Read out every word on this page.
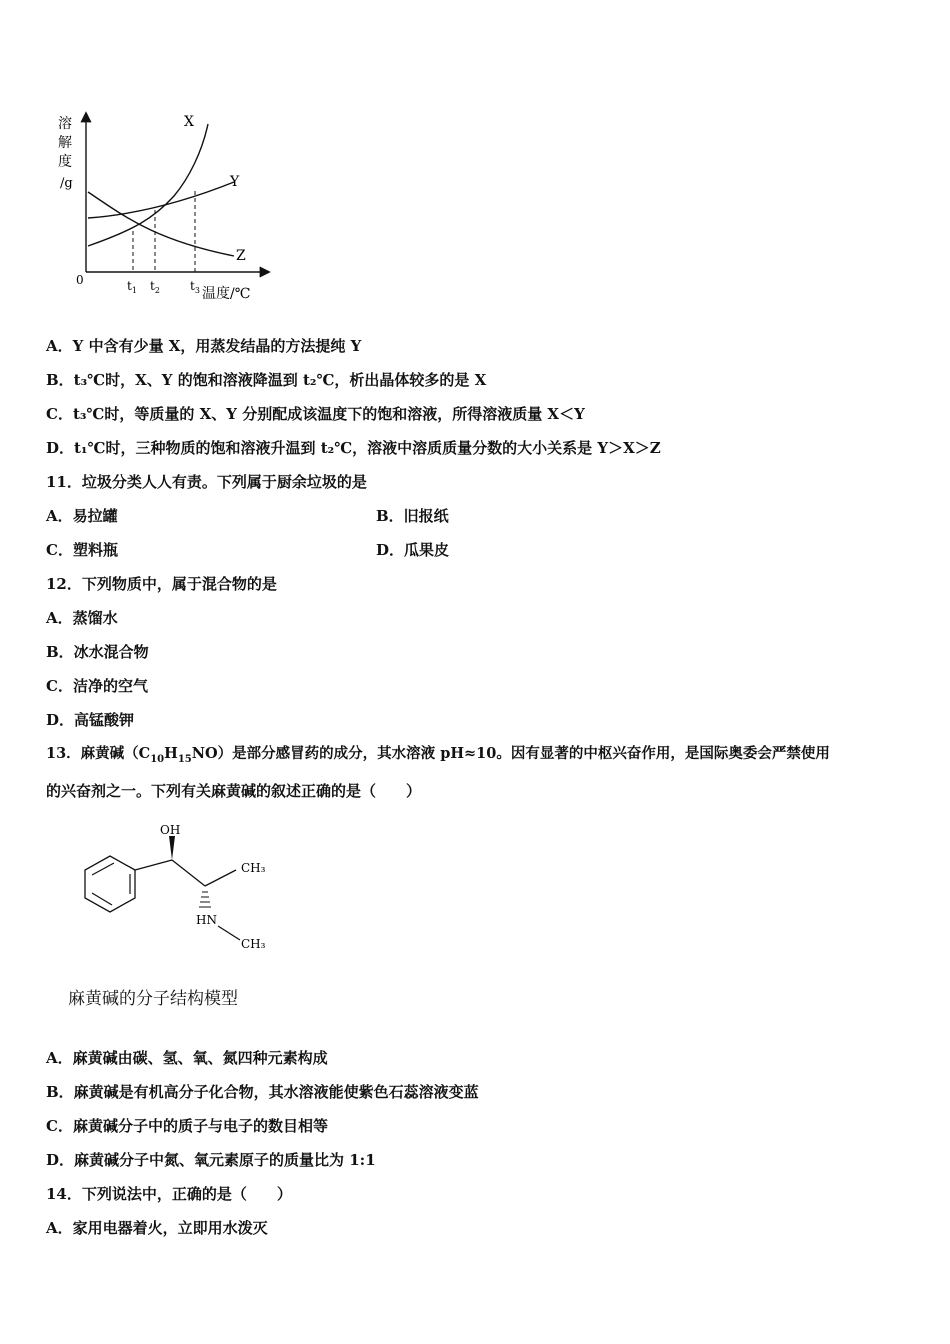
溶
解
度
/g
0
X
Y
Z
$t_1$ $t_2$	$t_3$ 温度/℃
A．Y 中含有少量 X，用蒸发结晶的方法提纯 Y
B．t₃℃时，X、Y 的饱和溶液降温到 t₂℃，析出晶体较多的是 X
C．t₃℃时，等质量的 X、Y 分别配成该温度下的饱和溶液，所得溶液质量 X＜Y
D．t₁℃时，三种物质的饱和溶液升温到 t₂℃，溶液中溶质质量分数的大小关系是 Y＞X＞Z
11．垃圾分类人人有责。下列属于厨余垃圾的是
A．易拉罐	B．旧报纸
C．塑料瓶	D．瓜果皮
12．下列物质中，属于混合物的是
A．蒸馏水
B．冰水混合物
C．洁净的空气
D．高锰酸钾
13．麻黄碱$(C_{10}H_{15}NO)$是部分感冒药的成分，其水溶液 pH≈10。因有显著的中枢兴奋作用，是国际奥委会严禁使用
的兴奋剂之一。下列有关麻黄碱的叙述正确的是（　　）
OH
CH₃
HN
CH₃
麻黄碱的分子结构模型
A．麻黄碱由碳、氢、氧、氮四种元素构成
B．麻黄碱是有机高分子化合物，其水溶液能使紫色石蕊溶液变蓝
C．麻黄碱分子中的质子与电子的数目相等
D．麻黄碱分子中氮、氧元素原子的质量比为 1:1
14．下列说法中，正确的是（　　）
A．家用电器着火，立即用水泼灭
